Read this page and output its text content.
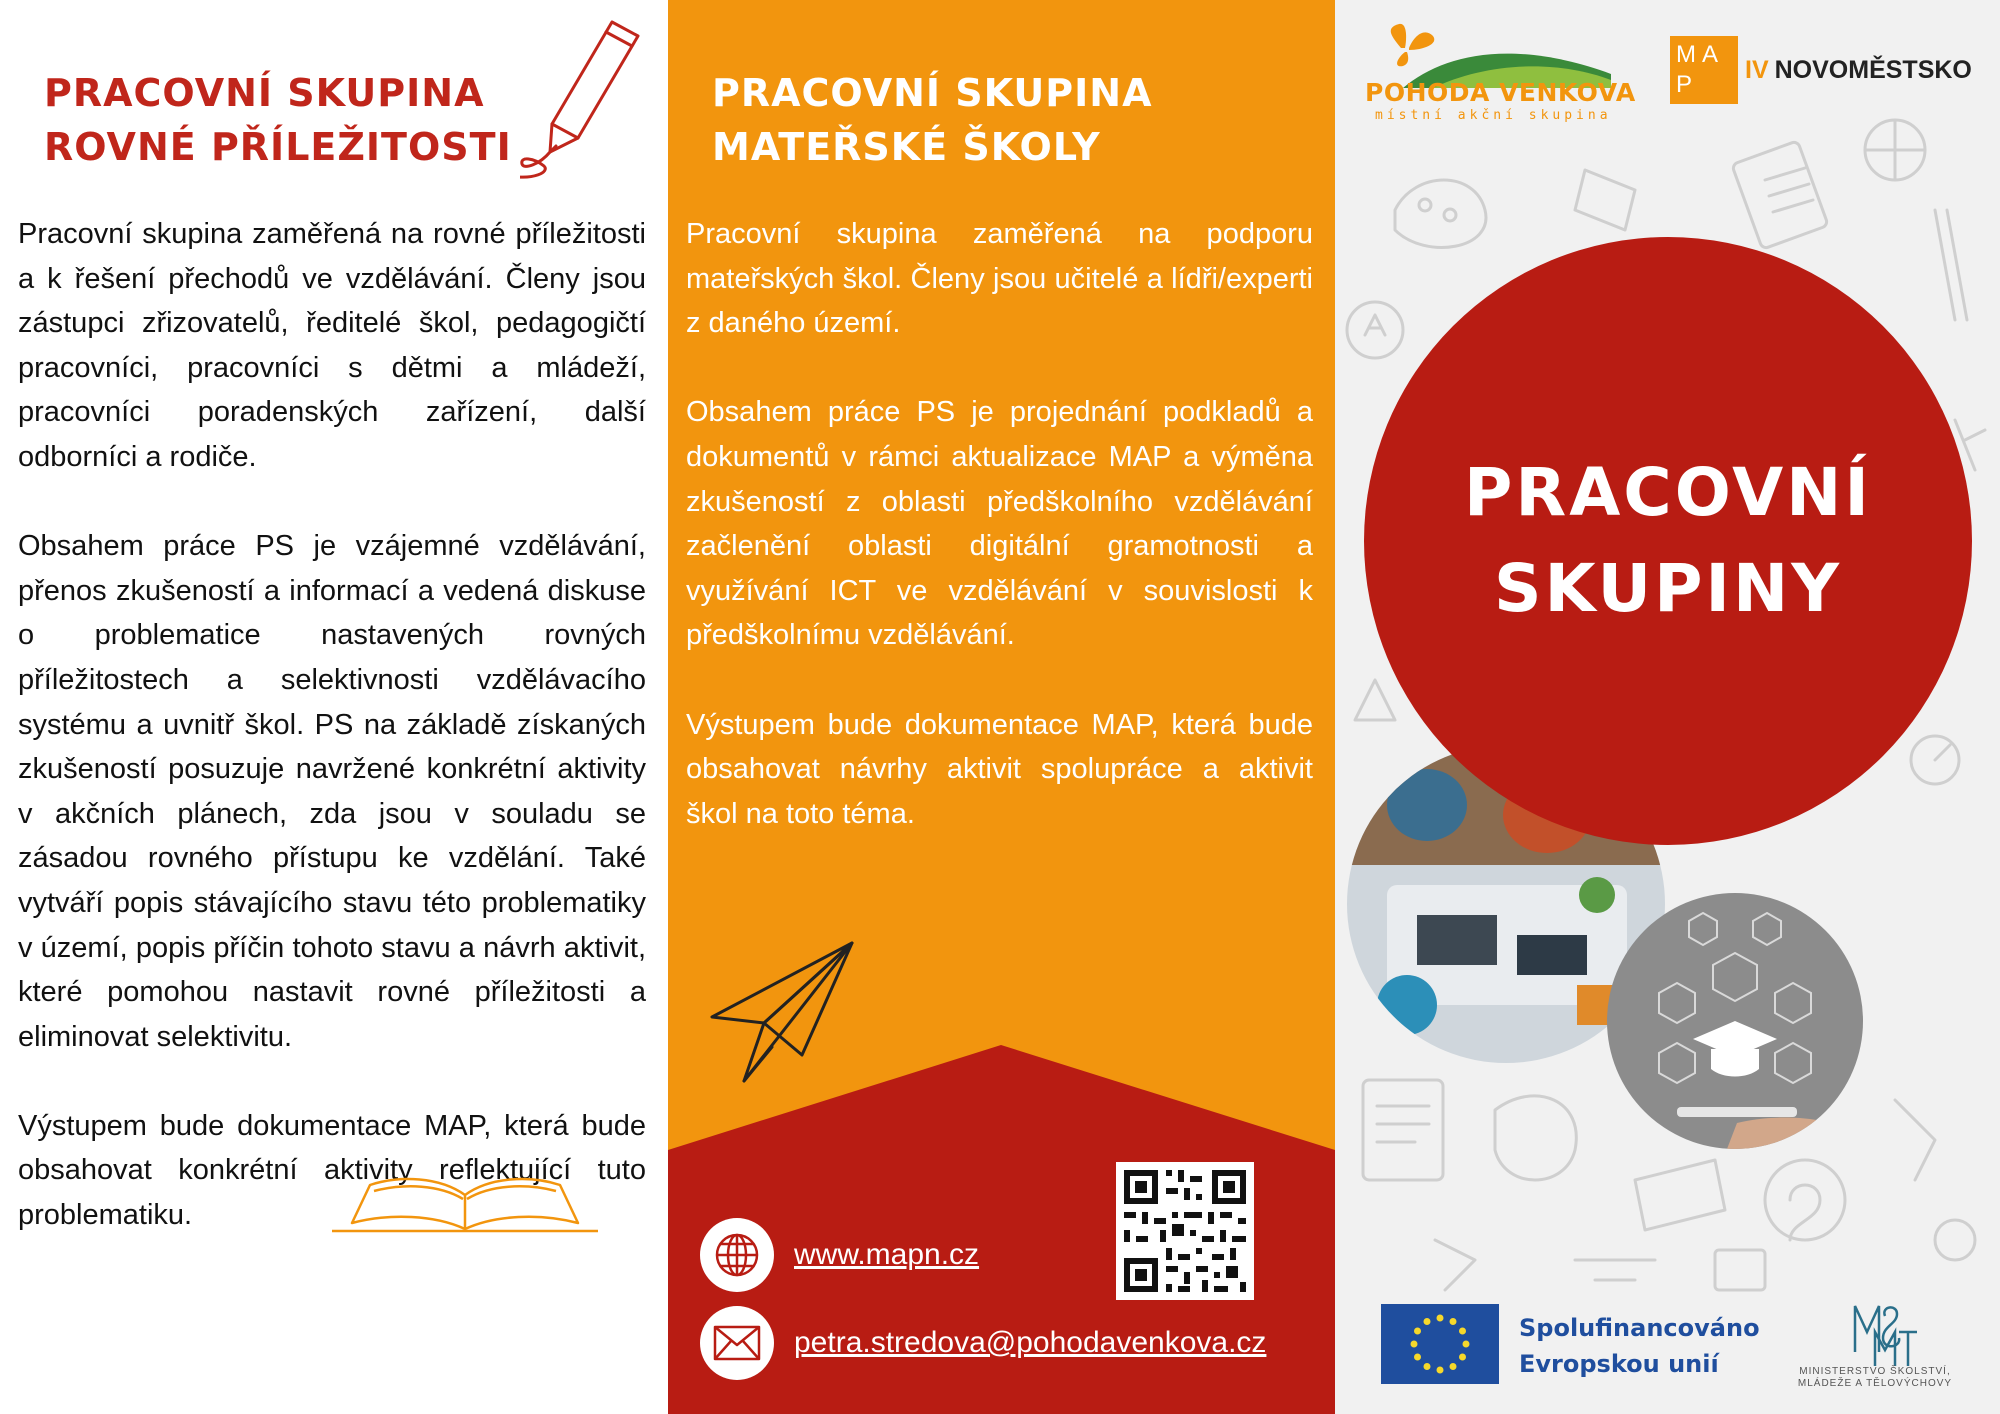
PRACOVNÍ SKUPINA
ROVNÉ PŘÍLEŽITOSTI

Pracovní skupina zaměřená na rovné příležitosti a k řešení přechodů ve vzdělávání. Členy jsou zástupci zřizovatelů, ředitelé škol, pedagogičtí pracovníci, pracovníci s dětmi a mládeží, pracovníci poradenských zařízení, další odborníci a rodiče.

Obsahem práce PS je vzájemné vzdělávání, přenos zkušeností a informací a vedená diskuse o problematice nastavených rovných příležitostech a selektivnosti vzdělávacího systému a uvnitř škol. PS na základě získaných zkušeností posuzuje navržené konkrétní aktivity v akčních plánech, zda jsou v souladu se zásadou rovného přístupu ke vzdělání. Také vytváří popis stávajícího stavu této problematiky v území, popis příčin tohoto stavu a návrh aktivit, které pomohou nastavit rovné příležitosti a eliminovat selektivitu.

Výstupem bude dokumentace MAP, která bude obsahovat konkrétní aktivity reflektující tuto problematiku.

PRACOVNÍ SKUPINA
MATEŘSKÉ ŠKOLY

Pracovní skupina zaměřená na podporu mateřských škol. Členy jsou učitelé a lídři/experti z daného území.

Obsahem práce PS je projednání podkladů a dokumentů v rámci aktualizace MAP a výměna zkušeností z oblasti předškolního vzdělávání začlenění oblasti digitální gramotnosti a využívání ICT ve vzdělávání v souvislosti k předškolnímu vzdělávání.

Výstupem bude dokumentace MAP, která bude obsahovat návrhy aktivit spolupráce a aktivit škol na toto téma.

www.mapn.cz
petra.stredova@pohodavenkova.cz
POHODA VENKOVA
místní akční skupina
MAP
IV NOVOMĚSTSKO
PRACOVNÍ
SKUPINY
Spolufinancováno
Evropskou unií	MINISTERSTVO ŠKOLSTVÍ, MLÁDEŽE A TĚLOVÝCHOVY
